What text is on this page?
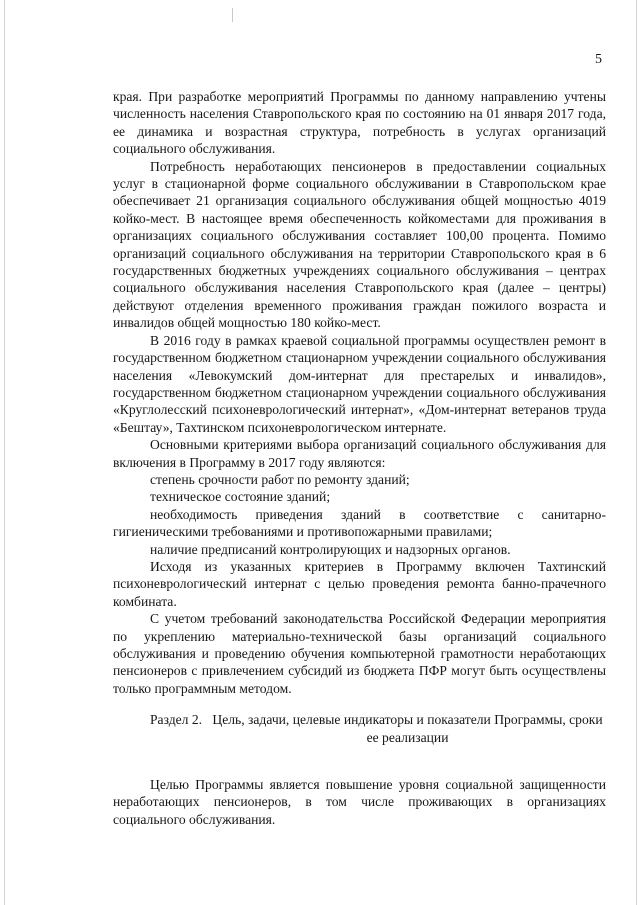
5

края. При разработке мероприятий Программы по данному направлению учтены численность населения Ставропольского края по состоянию на 01 января 2017 года, ее динамика и возрастная структура, потребность в услугах организаций социального обслуживания.

Потребность неработающих пенсионеров в предоставлении социальных услуг в стационарной форме социального обслуживании в Ставропольском крае обеспечивает 21 организация социального обслуживания общей мощностью 4019 койко-мест. В настоящее время обеспеченность койкоместами для проживания в организациях социального обслуживания составляет 100,00 процента. Помимо организаций социального обслуживания на территории Ставропольского края в 6 государственных бюджетных учреждениях социального обслуживания – центрах социального обслуживания населения Ставропольского края (далее – центры) действуют отделения временного проживания граждан пожилого возраста и инвалидов общей мощностью 180 койко-мест.

В 2016 году в рамках краевой социальной программы осуществлен ремонт в государственном бюджетном стационарном учреждении социального обслуживания населения «Левокумский дом-интернат для престарелых и инвалидов», государственном бюджетном стационарном учреждении социального обслуживания «Круглолесский психоневрологический интернат», «Дом-интернат ветеранов труда «Бештау», Тахтинском психоневрологическом интернате.

Основными критериями выбора организаций социального обслуживания для включения в Программу в 2017 году являются:

степень срочности работ по ремонту зданий;

техническое состояние зданий;

необходимость приведения зданий в соответствие с санитарно-гигиеническими требованиями и противопожарными правилами;

наличие предписаний контролирующих и надзорных органов.

Исходя из указанных критериев в Программу включен Тахтинский психоневрологический интернат с целью проведения ремонта банно-прачечного комбината.

С учетом требований законодательства Российской Федерации мероприятия по укреплению материально-технической базы организаций социального обслуживания и проведению обучения компьютерной грамотности неработающих пенсионеров с привлечением субсидий из бюджета ПФР могут быть осуществлены только программным методом.

Раздел 2. Цель, задачи, целевые индикаторы и показатели Программы, сроки ее реализации

Целью Программы является повышение уровня социальной защищенности неработающих пенсионеров, в том числе проживающих в организациях социального обслуживания.
